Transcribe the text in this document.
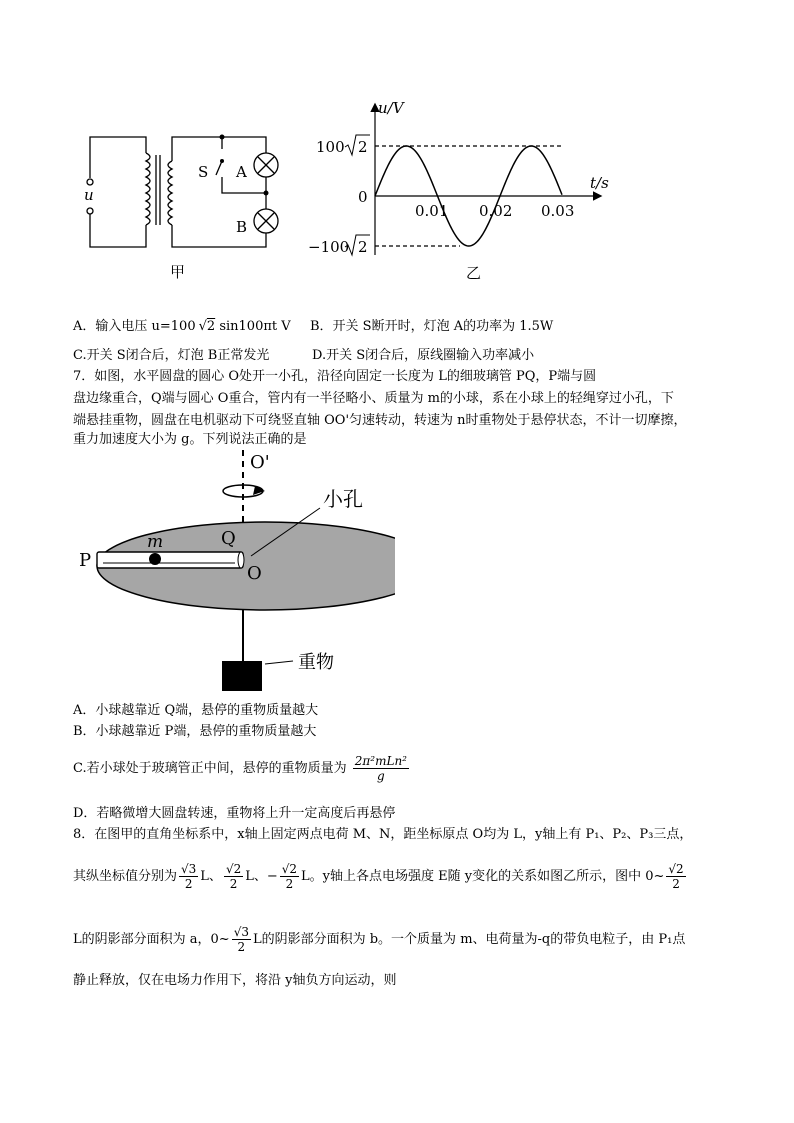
u
S A
B
甲
u/V
t/s
100 2
0
−100 2
0.01 0.02 0.03
乙
A．输入电压 u=100 √2 sin100πt V B．开关 S断开时，灯泡 A的功率为 1.5W
C.开关 S闭合后，灯泡 B正常发光	D.开关 S闭合后，原线圈输入功率减小
7．如图，水平圆盘的圆心 O处开一小孔，沿径向固定一长度为 L的细玻璃管 PQ，P端与圆
盘边缘重合，Q端与圆心 O重合，管内有一半径略小、质量为 m的小球，系在小球上的轻绳穿过小孔，下
端悬挂重物，圆盘在电机驱动下可绕竖直轴 OO'匀速转动，转速为 n时重物处于悬停状态，不计一切摩擦，
重力加速度大小为 g。下列说法正确的是
O'
小孔
P
Q
O
m
重物
A．小球越靠近 Q端，悬停的重物质量越大
B．小球越靠近 P端，悬停的重物质量越大
C.若小球处于玻璃管正中间，悬停的重物质量为 $\frac{\text{2π²mLn²}}{g}$
D．若略微增大圆盘转速，重物将上升一定高度后再悬停
8．在图甲的直角坐标系中，x轴上固定两点电荷 M、N，距坐标原点 O均为 L，y轴上有 P₁、P₂、P₃三点，
其纵坐标值分别为 $\frac{√3}{2}$ L、 $\frac{√2}{2}$ L、− $\frac{√2}{2}$ L。y轴上各点电场强度 E随 y变化的关系如图乙所示，图中 0~ $\frac{√2}{2}$
L的阴影部分面积为 a，0~ $\frac{√3}{2}$ L的阴影部分面积为 b。一个质量为 m、电荷量为-q的带负电粒子，由 P₁点
静止释放，仅在电场力作用下，将沿 y轴负方向运动，则
